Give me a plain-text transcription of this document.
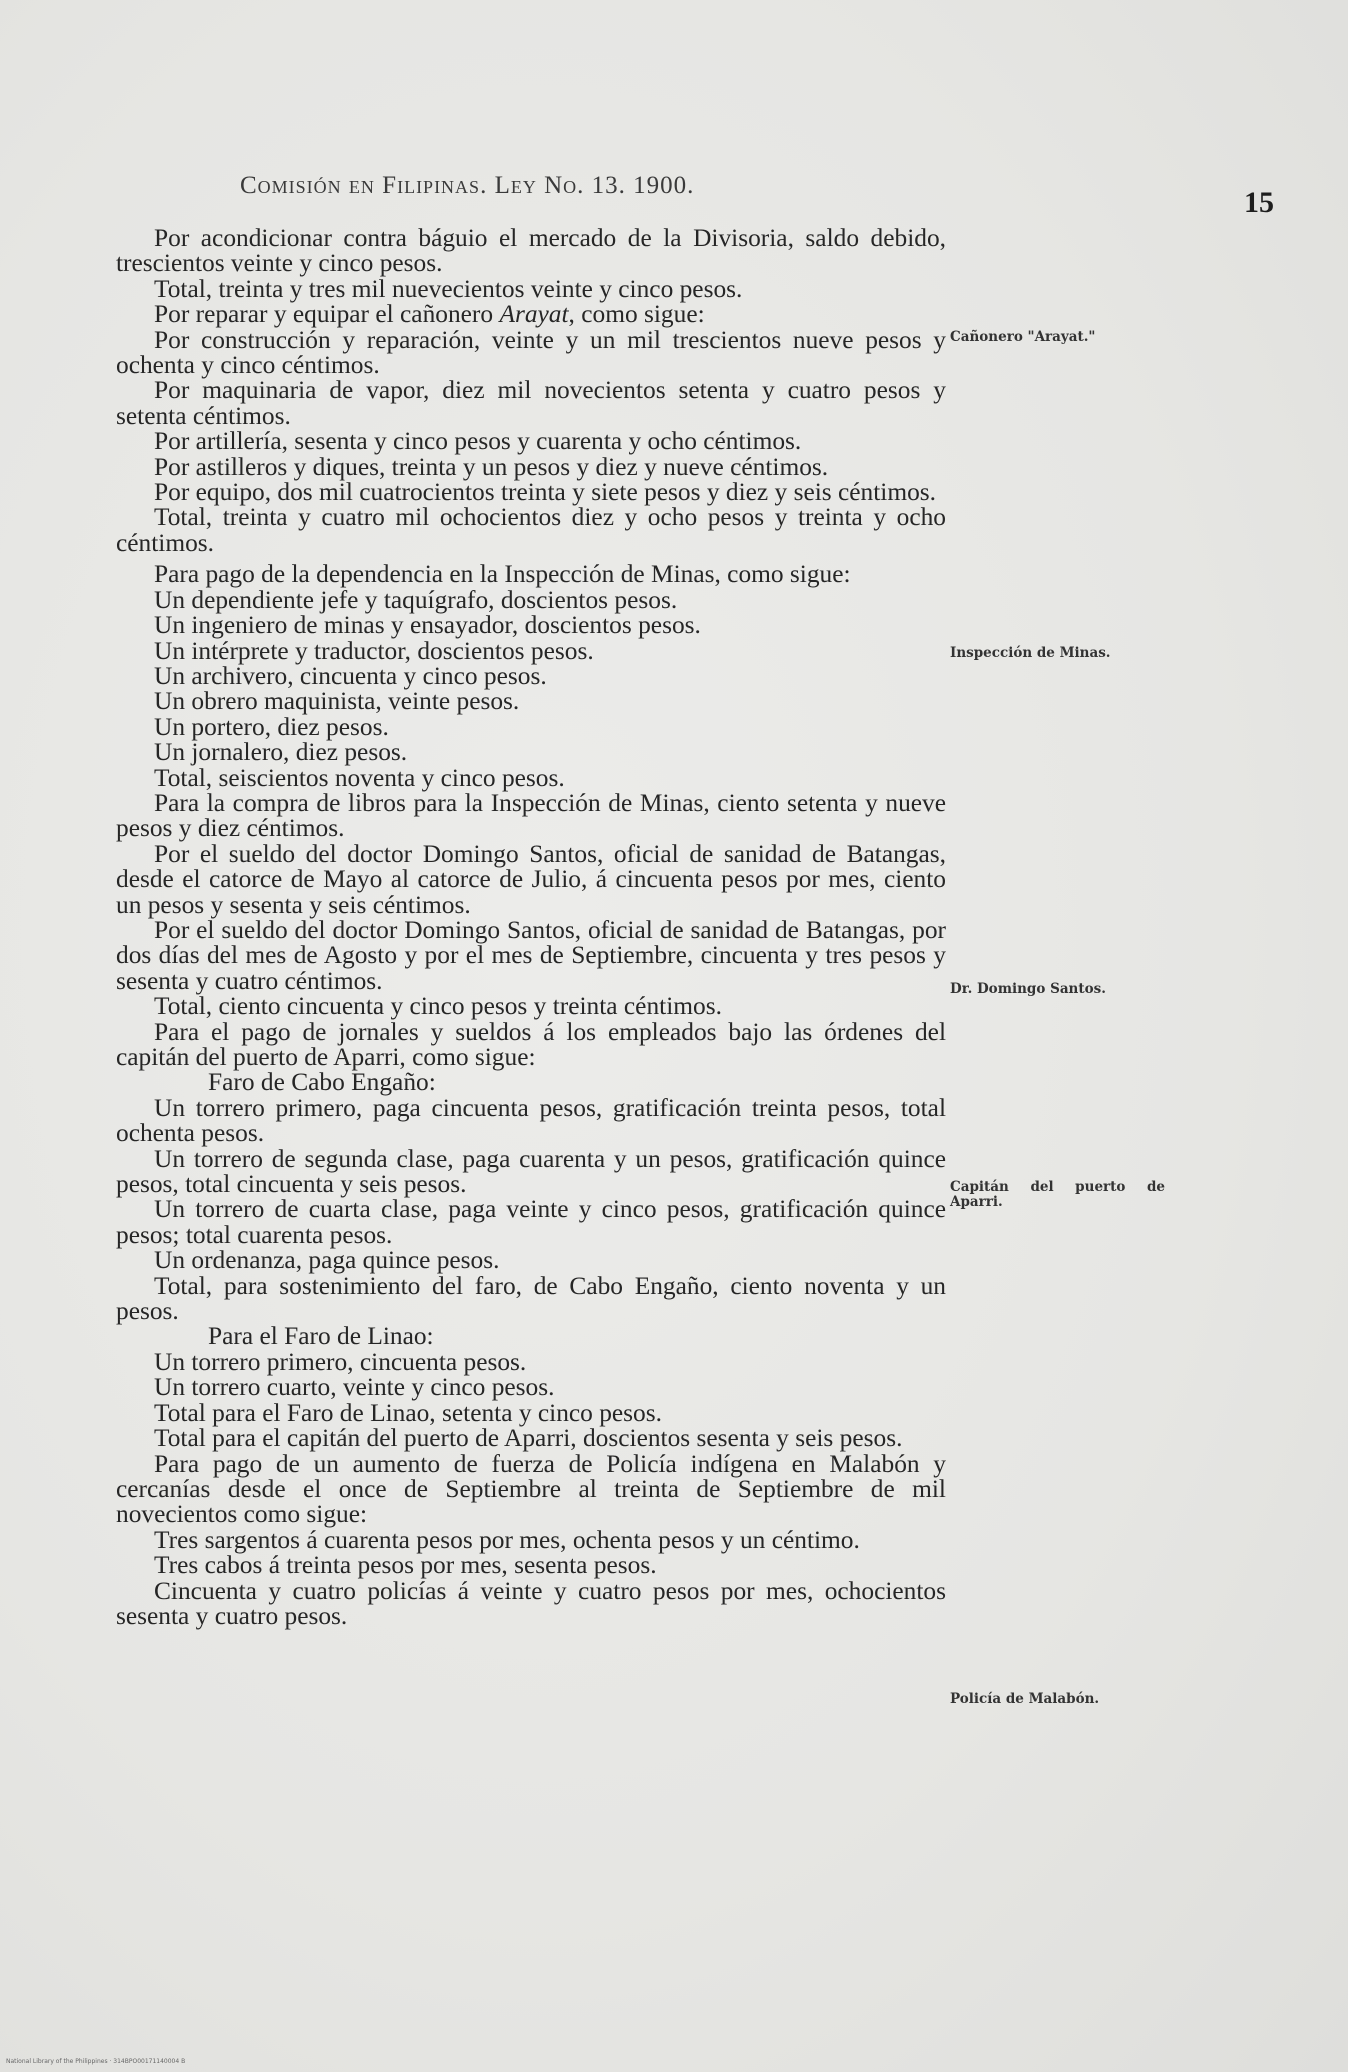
Comisión en Filipinas. Ley No. 13. 1900.
15

Por acondicionar contra báguio el mercado de la Divisoria, saldo debido, trescientos veinte y cinco pesos.

Total, treinta y tres mil nuevecientos veinte y cinco pesos.

Por reparar y equipar el cañonero Arayat, como sigue:

Por construcción y reparación, veinte y un mil trescientos nueve pesos y ochenta y cinco céntimos.

Por maquinaria de vapor, diez mil novecientos setenta y cuatro pesos y setenta céntimos.

Por artillería, sesenta y cinco pesos y cuarenta y ocho céntimos.

Por astilleros y diques, treinta y un pesos y diez y nueve céntimos.

Por equipo, dos mil cuatrocientos treinta y siete pesos y diez y seis céntimos.

Total, treinta y cuatro mil ochocientos diez y ocho pesos y treinta y ocho céntimos.

Para pago de la dependencia en la Inspección de Minas, como sigue:

Un dependiente jefe y taquígrafo, doscientos pesos.

Un ingeniero de minas y ensayador, doscientos pesos.

Un intérprete y traductor, doscientos pesos.

Un archivero, cincuenta y cinco pesos.

Un obrero maquinista, veinte pesos.

Un portero, diez pesos.

Un jornalero, diez pesos.

Total, seiscientos noventa y cinco pesos.

Para la compra de libros para la Inspección de Minas, ciento setenta y nueve pesos y diez céntimos.

Por el sueldo del doctor Domingo Santos, oficial de sanidad de Batangas, desde el catorce de Mayo al catorce de Julio, á cincuenta pesos por mes, ciento un pesos y sesenta y seis céntimos.

Por el sueldo del doctor Domingo Santos, oficial de sanidad de Batangas, por dos días del mes de Agosto y por el mes de Septiembre, cincuenta y tres pesos y sesenta y cuatro céntimos.

Total, ciento cincuenta y cinco pesos y treinta céntimos.

Para el pago de jornales y sueldos á los empleados bajo las órdenes del capitán del puerto de Aparri, como sigue:

Faro de Cabo Engaño:

Un torrero primero, paga cincuenta pesos, gratificación treinta pesos, total ochenta pesos.

Un torrero de segunda clase, paga cuarenta y un pesos, gratificación quince pesos, total cincuenta y seis pesos.

Un torrero de cuarta clase, paga veinte y cinco pesos, gratificación quince pesos; total cuarenta pesos.

Un ordenanza, paga quince pesos.

Total, para sostenimiento del faro, de Cabo Engaño, ciento noventa y un pesos.

Para el Faro de Linao:

Un torrero primero, cincuenta pesos.

Un torrero cuarto, veinte y cinco pesos.

Total para el Faro de Linao, setenta y cinco pesos.

Total para el capitán del puerto de Aparri, doscientos sesenta y seis pesos.

Para pago de un aumento de fuerza de Policía indígena en Malabón y cercanías desde el once de Septiembre al treinta de Septiembre de mil novecientos como sigue:

Tres sargentos á cuarenta pesos por mes, ochenta pesos y un céntimo.

Tres cabos á treinta pesos por mes, sesenta pesos.

Cincuenta y cuatro policías á veinte y cuatro pesos por mes, ochocientos sesenta y cuatro pesos.

Cañonero "Arayat."
Inspección de Minas.
Dr. Domingo Santos.
Capitán del puerto de Aparri.
Policía de Malabón.
National Library of the Philippines · 314BPO00171140004 B
